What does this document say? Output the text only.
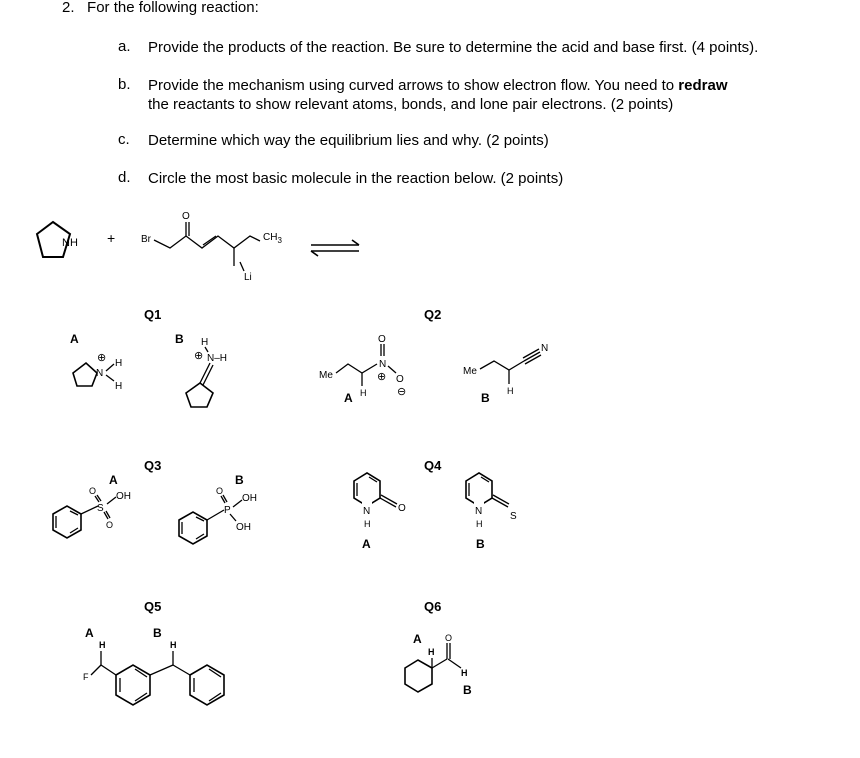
2. For the following reaction:
a. Provide the products of the reaction. Be sure to determine the acid and base first. (4 points).
b. Provide the mechanism using curved arrows to show electron flow. You need to redraw
the reactants to show relevant atoms, bonds, and lone pair electrons. (2 points)
c. Determine which way the equilibrium lies and why. (2 points)
d. Circle the most basic molecule in the reaction below. (2 points)
NH +	Br
O
$CH_3$
Li
Q1	Q2
Q3	Q4
Q5	Q6
A
N
⊕ H
H
B H
⊕ N–H
Me
H
A
N
O
⊕ O
⊖
Me
H
N
B
A
S
O OH
O
B
P
O
OH
OH
O
N
H
A
S
N
H
B
A
H
F
B
H	A
H
O
H
B
